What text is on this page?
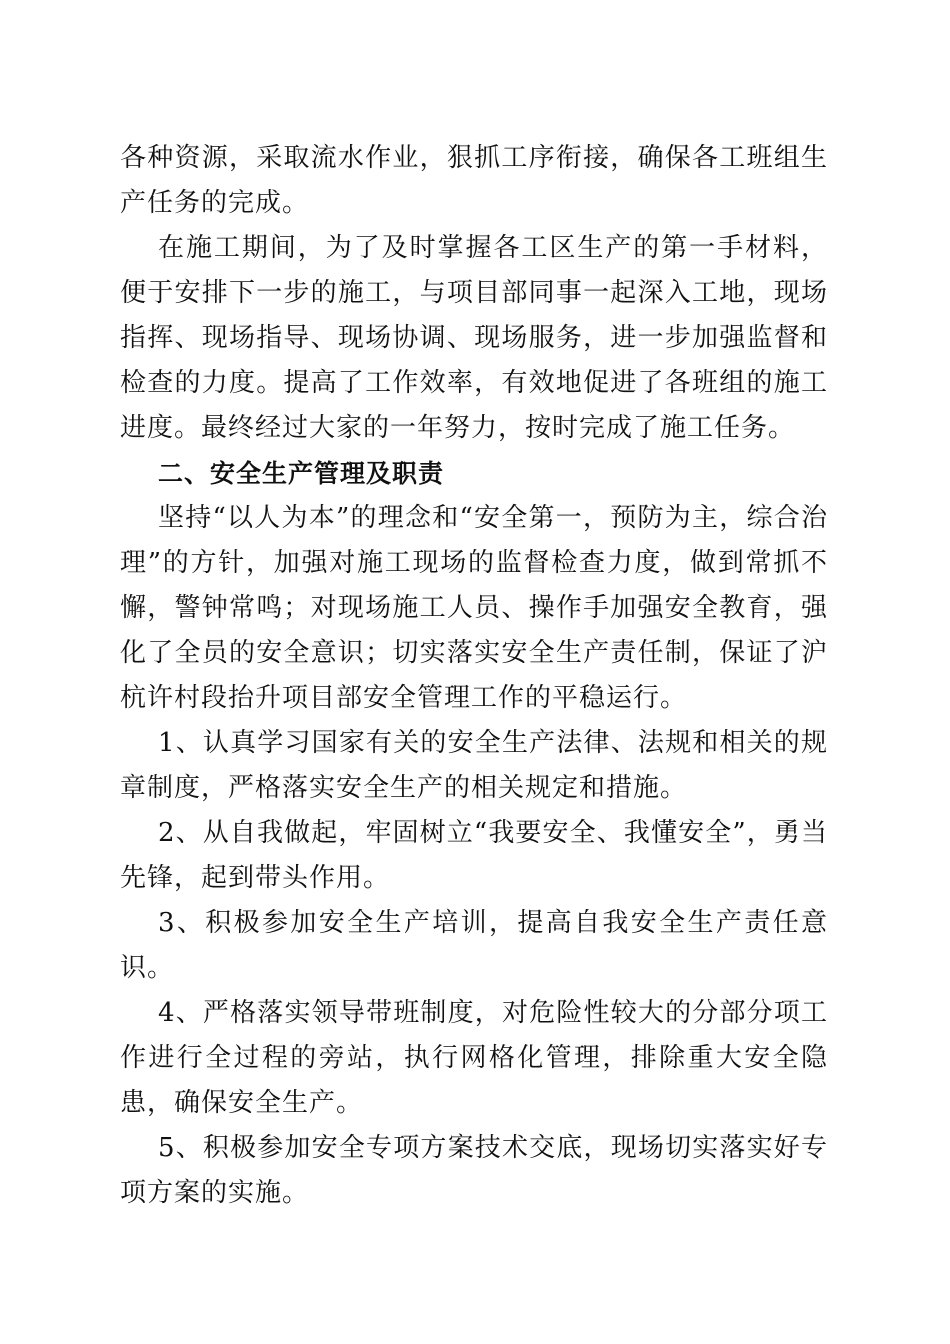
各种资源，采取流水作业，狠抓工序衔接，确保各工班组生产任务的完成。

在施工期间，为了及时掌握各工区生产的第一手材料，便于安排下一步的施工，与项目部同事一起深入工地，现场指挥、现场指导、现场协调、现场服务，进一步加强监督和检查的力度。提高了工作效率，有效地促进了各班组的施工进度。最终经过大家的一年努力，按时完成了施工任务。

二、安全生产管理及职责

坚持“以人为本”的理念和“安全第一，预防为主，综合治理”的方针，加强对施工现场的监督检查力度，做到常抓不懈，警钟常鸣；对现场施工人员、操作手加强安全教育，强化了全员的安全意识；切实落实安全生产责任制，保证了沪杭许村段抬升项目部安全管理工作的平稳运行。

1、认真学习国家有关的安全生产法律、法规和相关的规章制度，严格落实安全生产的相关规定和措施。

2、从自我做起，牢固树立“我要安全、我懂安全”，勇当先锋，起到带头作用。

3、积极参加安全生产培训，提高自我安全生产责任意识。

4、严格落实领导带班制度，对危险性较大的分部分项工作进行全过程的旁站，执行网格化管理，排除重大安全隐患，确保安全生产。

5、积极参加安全专项方案技术交底，现场切实落实好专项方案的实施。
